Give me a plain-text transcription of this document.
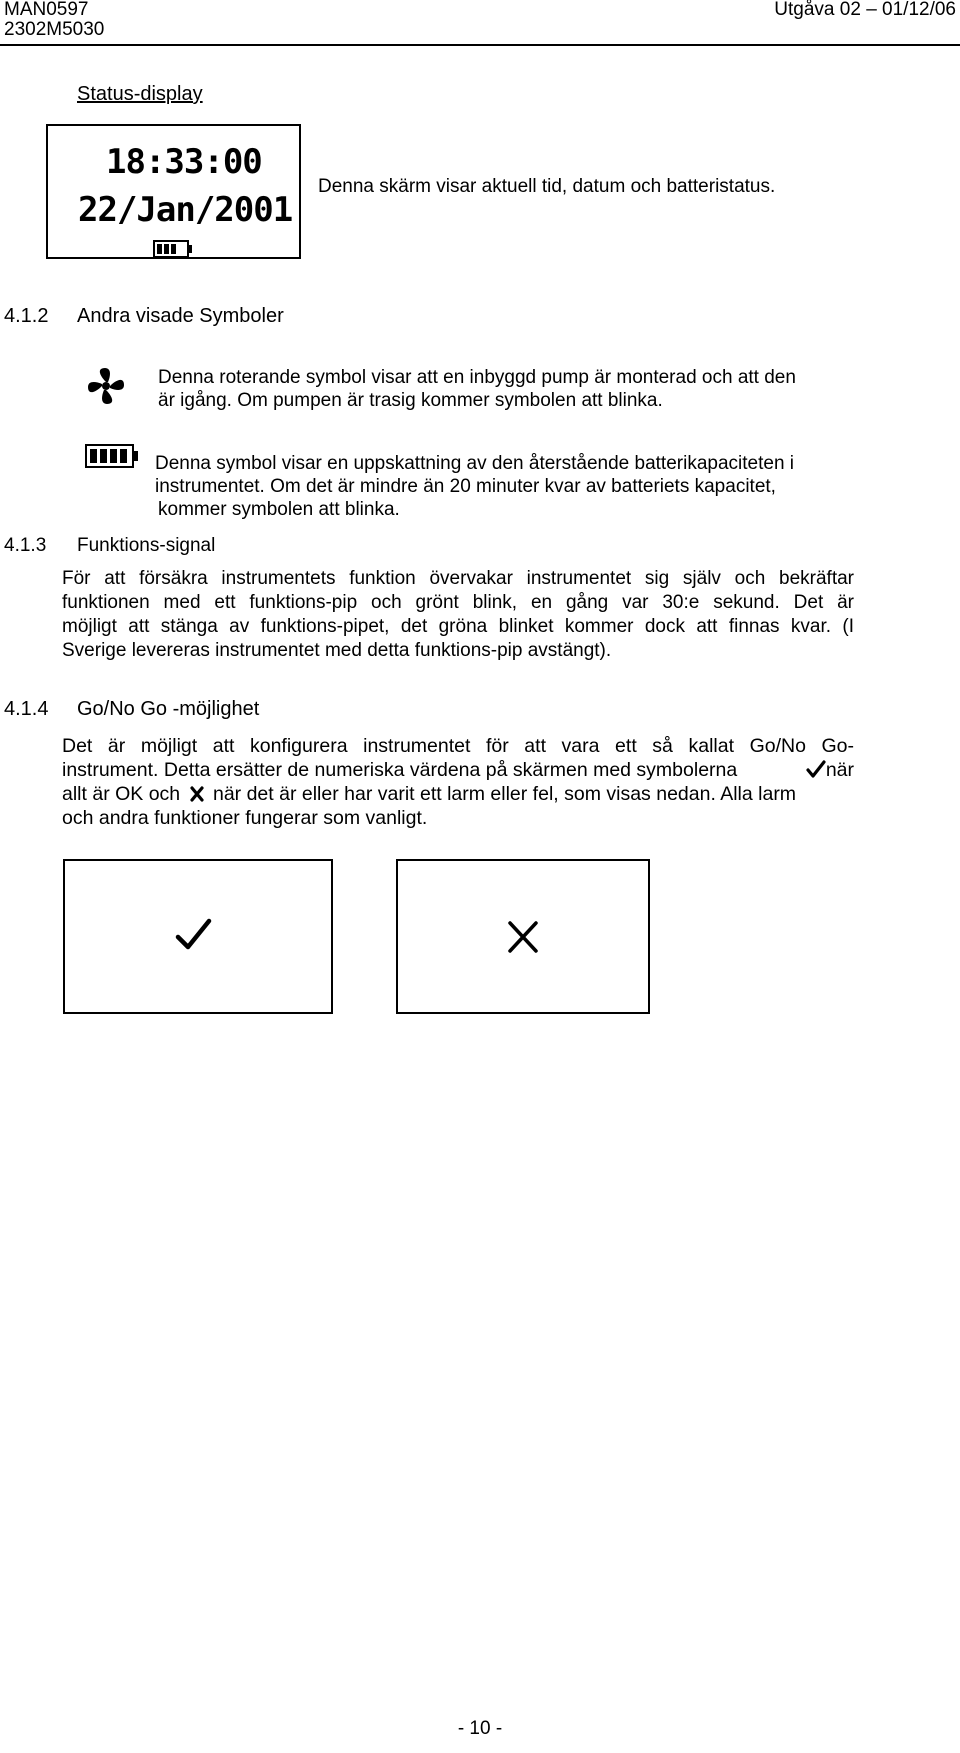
MAN0597
2302M5030
Utgåva 02 – 01/12/06
Status-display
18:33:00
22/Jan/2001
Denna skärm visar aktuell tid, datum och batteristatus.
4.1.2 Andra visade Symboler
Denna roterande symbol visar att en inbyggd pump är monterad och att den
är igång. Om pumpen är trasig kommer symbolen att blinka.
Denna symbol visar en uppskattning av den återstående batterikapaciteten i
instrumentet. Om det är mindre än 20 minuter kvar av batteriets kapacitet,
kommer symbolen att blinka.
4.1.3 Funktions-signal
För att försäkra instrumentets funktion övervakar instrumentet sig själv och bekräftar
funktionen med ett funktions-pip och grönt blink, en gång var 30:e sekund. Det är
möjligt att stänga av funktions-pipet, det gröna blinket kommer dock att finnas kvar. (I
Sverige levereras instrumentet med detta funktions-pip avstängt).
4.1.4 Go/No Go -möjlighet
Det är möjligt att konfigurera instrumentet för att vara ett så kallat Go/No Go-
instrument. Detta ersätter de numeriska värdena på skärmen med symbolerna	när
allt är OK och när det är eller har varit ett larm eller fel, som visas nedan. Alla larm
och andra funktioner fungerar som vanligt.
- 10 -
